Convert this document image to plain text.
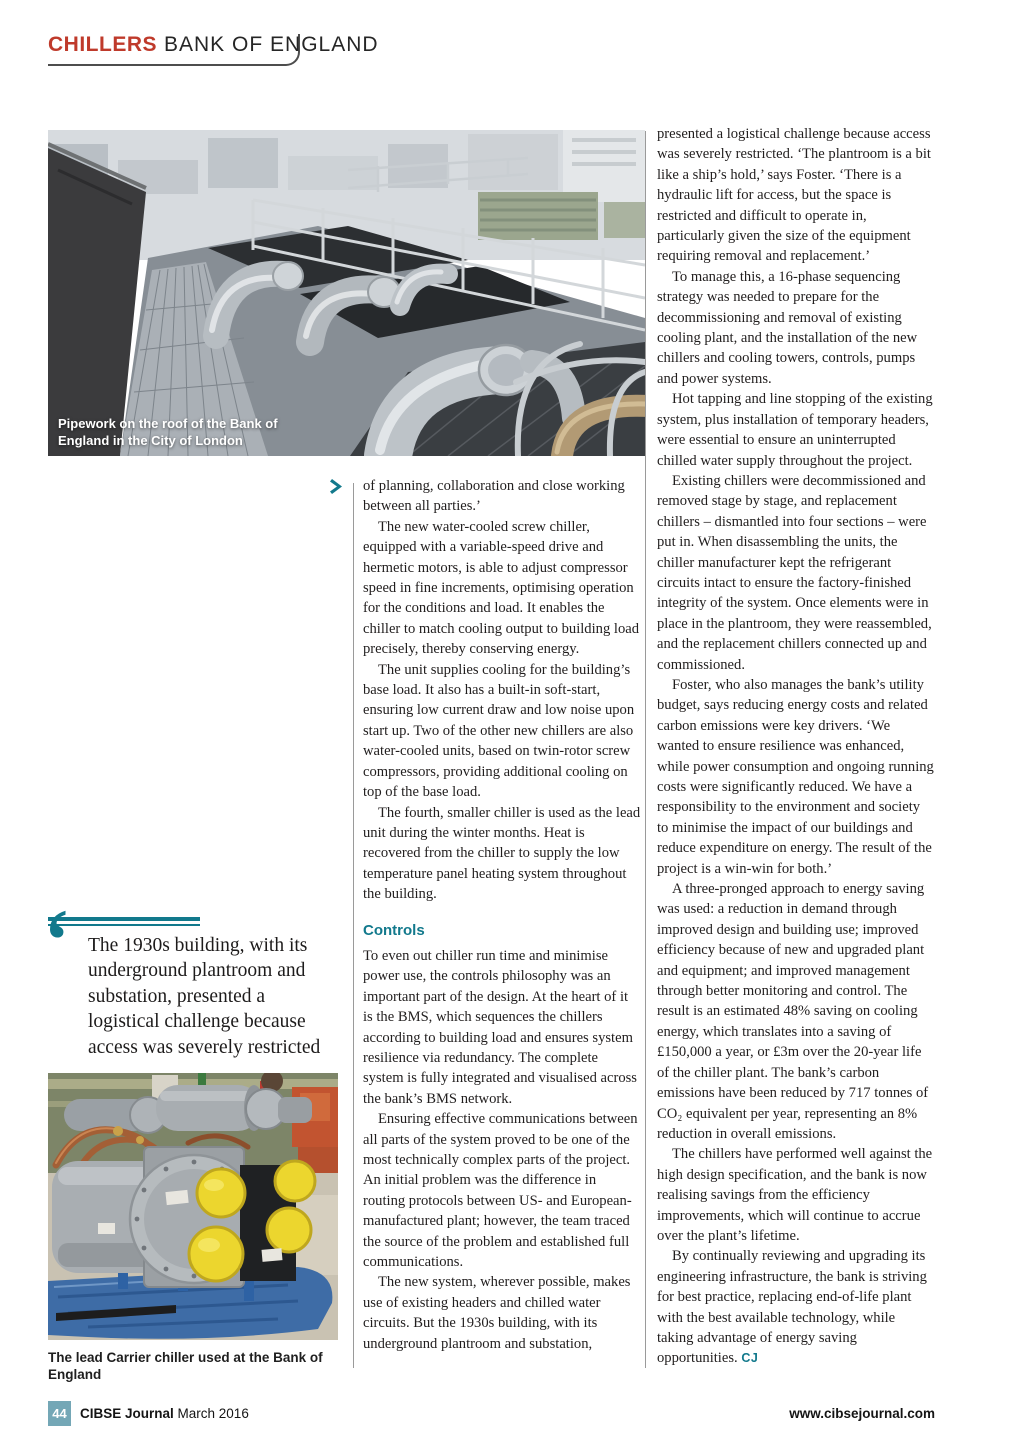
CHILLERS BANK OF ENGLAND
Pipework on the roof of the Bank of England in the City of London

of planning, collaboration and close working between all parties.’

The new water-cooled screw chiller, equipped with a variable-speed drive and hermetic motors, is able to adjust compressor speed in fine increments, optimising operation for the conditions and load. It enables the chiller to match cooling output to building load precisely, thereby conserving energy.

The unit supplies cooling for the building’s base load. It also has a built-in soft-start, ensuring low current draw and low noise upon start up. Two of the other new chillers are also water-cooled units, based on twin-rotor screw compressors, providing additional cooling on top of the base load.

The fourth, smaller chiller is used as the lead unit during the winter months. Heat is recovered from the chiller to supply the low temperature panel heating system throughout the building.

Controls

To even out chiller run time and minimise power use, the controls philosophy was an important part of the design. At the heart of it is the BMS, which sequences the chillers according to building load and ensures system resilience via redundancy. The complete system is fully integrated and visualised across the bank’s BMS network.

Ensuring effective communications between all parts of the system proved to be one of the most technically complex parts of the project. An initial problem was the difference in routing protocols between US- and European-manufactured plant; however, the team traced the source of the problem and established full communications.

The new system, wherever possible, makes use of existing headers and chilled water circuits. But the 1930s building, with its underground plantroom and substation,

presented a logistical challenge because access was severely restricted. ‘The plantroom is a bit like a ship’s hold,’ says Foster. ‘There is a hydraulic lift for access, but the space is restricted and difficult to operate in, particularly given the size of the equipment requiring removal and replacement.’

To manage this, a 16-phase sequencing strategy was needed to prepare for the decommissioning and removal of existing cooling plant, and the installation of the new chillers and cooling towers, controls, pumps and power systems.

Hot tapping and line stopping of the existing system, plus installation of temporary headers, were essential to ensure an uninterrupted chilled water supply throughout the project.

Existing chillers were decommissioned and removed stage by stage, and replacement chillers – dismantled into four sections – were put in. When disassembling the units, the chiller manufacturer kept the refrigerant circuits intact to ensure the factory-finished integrity of the system. Once elements were in place in the plantroom, they were reassembled, and the replacement chillers connected up and commissioned.

Foster, who also manages the bank’s utility budget, says reducing energy costs and related carbon emissions were key drivers. ‘We wanted to ensure resilience was enhanced, while power consumption and ongoing running costs were significantly reduced. We have a responsibility to the environment and society to minimise the impact of our buildings and reduce expenditure on energy. The result of the project is a win-win for both.’

A three-pronged approach to energy saving was used: a reduction in demand through improved design and building use; improved efficiency because of new and upgraded plant and equipment; and improved management through better monitoring and control. The result is an estimated 48% saving on cooling energy, which translates into a saving of £150,000 a year, or £3m over the 20-year life of the chiller plant. The bank’s carbon emissions have been reduced by 717 tonnes of CO₂ equivalent per year, representing an 8% reduction in overall emissions.

The chillers have performed well against the high design specification, and the bank is now realising savings from the efficiency improvements, which will continue to accrue over the plant’s lifetime.

By continually reviewing and upgrading its engineering infrastructure, the bank is striving for best practice, replacing end-of-life plant with the best available technology, while taking advantage of energy saving opportunities. CJ

‘ The 1930s building, with its underground plantroom and substation, presented a logistical challenge because access was severely restricted
The lead Carrier chiller used at the Bank of England
44 CIBSE Journal March 2016	www.cibsejournal.com
